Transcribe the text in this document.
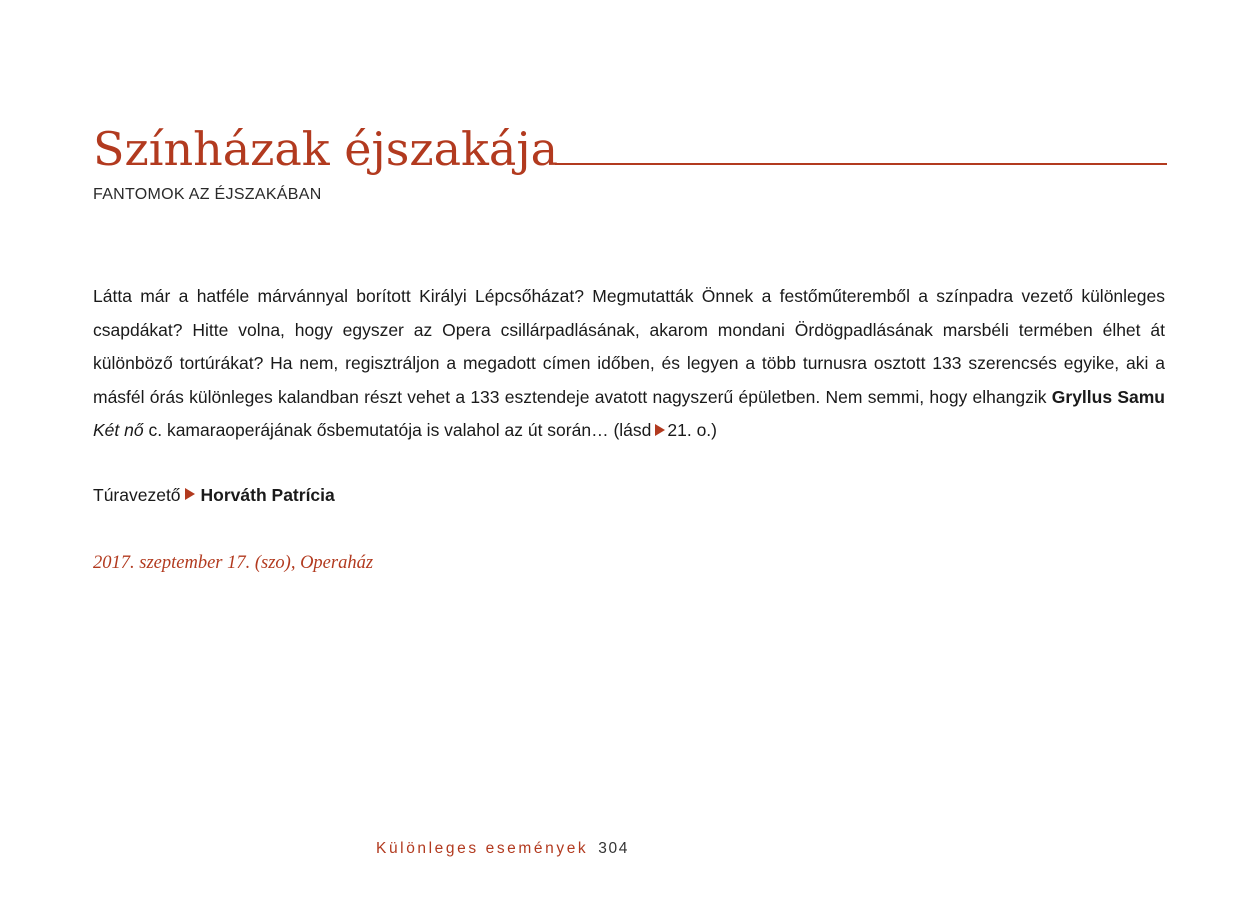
Színházak éjszakája

FANTOMOK AZ ÉJSZAKÁBAN

Látta már a hatféle márvánnyal borított Királyi Lépcsőházat? Megmutatták Önnek a festőműteremből a színpadra vezető különleges csapdákat? Hitte volna, hogy egyszer az Opera csillárpadlásának, akarom mondani Ördögpadlásának marsbéli termében élhet át különböző tortúrákat? Ha nem, regisztráljon a megadott címen időben, és legyen a több turnusra osztott 133 szerencsés egyike, aki a másfél órás különleges kalandban részt vehet a 133 esztendeje avatott nagyszerű épületben. Nem semmi, hogy elhangzik Gryllus Samu Két nő c. kamaraoperájának ősbemutatója is valahol az út során… (lásd 21. o.)

Túravezető Horváth Patrícia

2017. szeptember 17. (szo), Operaház

Különleges események 304
